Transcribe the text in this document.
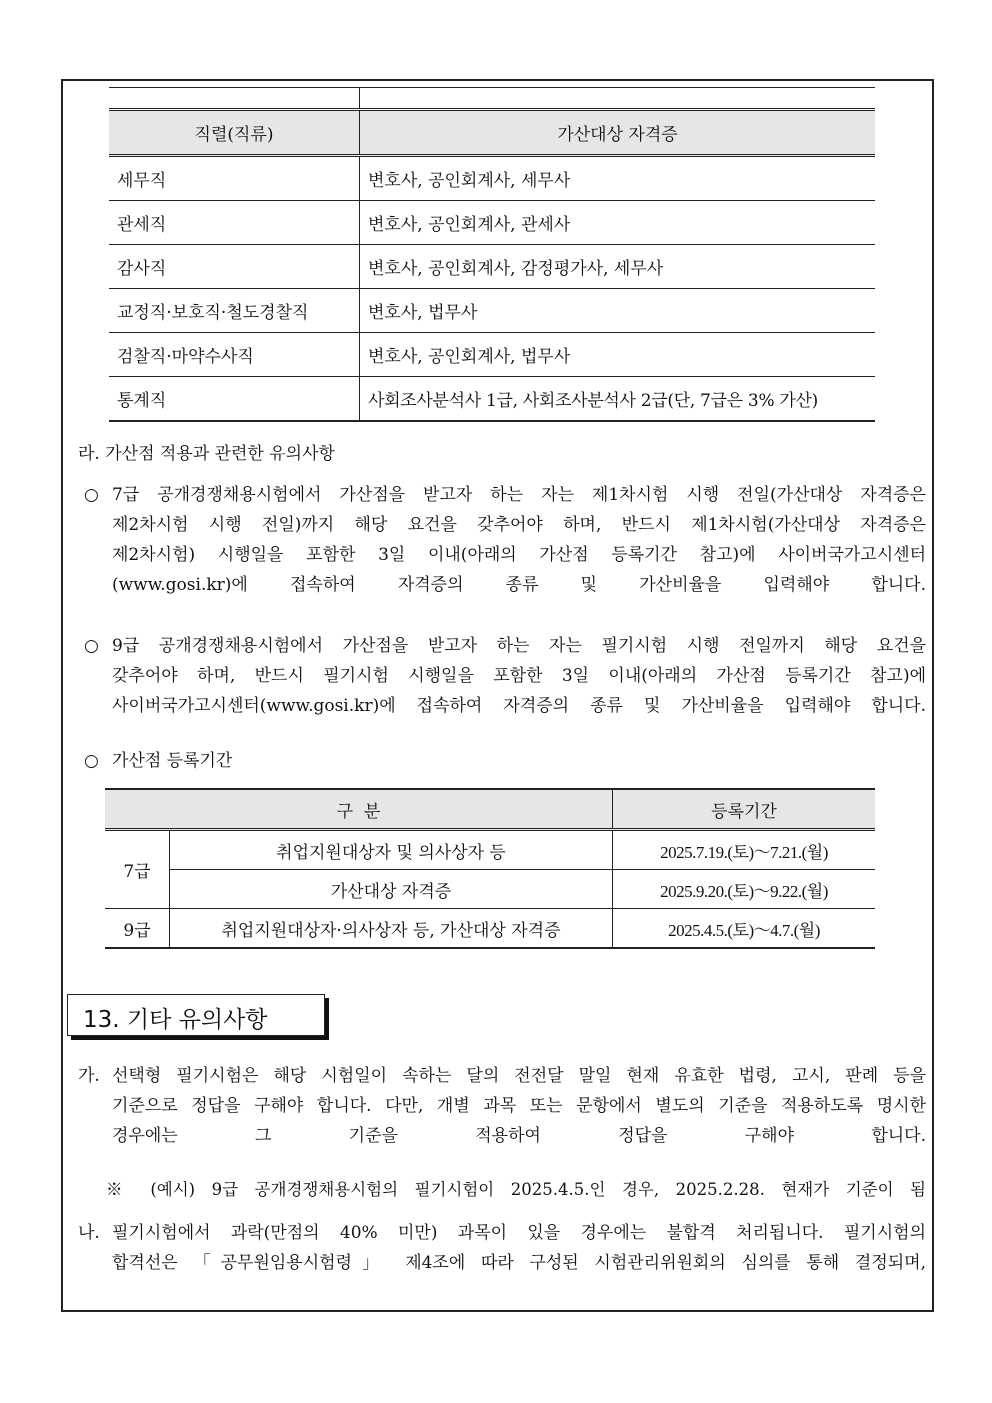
직렬(직류)	가산대상 자격증
세무직	변호사, 공인회계사, 세무사
관세직	변호사, 공인회계사, 관세사
감사직	변호사, 공인회계사, 감정평가사, 세무사
교정직·보호직·철도경찰직	변호사, 법무사
검찰직·마약수사직	변호사, 공인회계사, 법무사
통계직	사회조사분석사 1급, 사회조사분석사 2급(단, 7급은 3% 가산)
라. 가산점 적용과 관련한 유의사항
○ 7급 공개경쟁채용시험에서 가산점을 받고자 하는 자는 제1차시험 시행 전일(가산대상 자격증은
제2차시험 시행 전일)까지 해당 요건을 갖추어야 하며, 반드시 제1차시험(가산대상 자격증은
제2차시험) 시행일을 포함한 3일 이내(아래의 가산점 등록기간 참고)에 사이버국가고시센터
(www.gosi.kr)에 접속하여 자격증의 종류 및 가산비율을 입력해야 합니다.
○ 9급 공개경쟁채용시험에서 가산점을 받고자 하는 자는 필기시험 시행 전일까지 해당 요건을
갖추어야 하며, 반드시 필기시험 시행일을 포함한 3일 이내(아래의 가산점 등록기간 참고)에
사이버국가고시센터(www.gosi.kr)에 접속하여 자격증의 종류 및 가산비율을 입력해야 합니다.
○ 가산점 등록기간
구  분		등록기간
7급	취업지원대상자 및 의사상자 등	2025.7.19.(토)～7.21.(월)
	가산대상 자격증	2025.9.20.(토)～9.22.(월)
9급	취업지원대상자·의사상자 등, 가산대상 자격증	2025.4.5.(토)～4.7.(월)
13. 기타 유의사항
가. 선택형 필기시험은 해당 시험일이 속하는 달의 전전달 말일 현재 유효한 법령, 고시, 판례 등을
기준으로 정답을 구해야 합니다. 다만, 개별 과목 또는 문항에서 별도의 기준을 적용하도록 명시한
경우에는 그 기준을 적용하여 정답을 구해야 합니다.
※ (예시) 9급 공개경쟁채용시험의 필기시험이 2025.4.5.인 경우, 2025.2.28. 현재가 기준이 됨
나. 필기시험에서 과락(만점의 40% 미만) 과목이 있을 경우에는 불합격 처리됩니다. 필기시험의
합격선은 「공무원임용시험령」 제4조에 따라 구성된 시험관리위원회의 심의를 통해 결정되며,
